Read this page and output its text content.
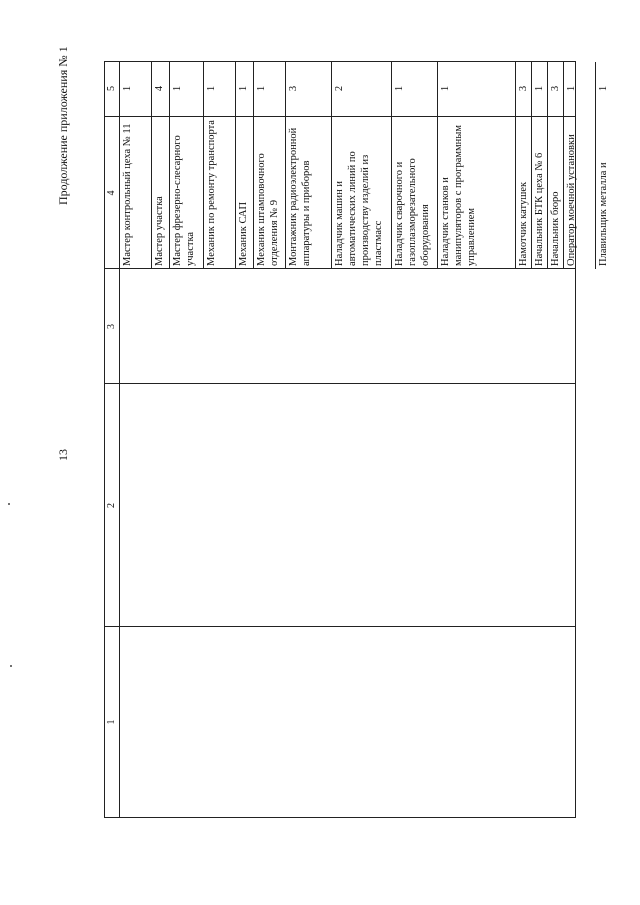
Продолжение приложения № 1
13
1
2
3
4
5
Мастер контрольный цеха № 11
1
Мастер участка
4
Мастер фрезерно-слесарного участка
1
Механик по ремонту транспорта
1
Механик САП
1
Механик штамповочного отделения № 9
1
Монтажник радиоэлектронной аппаратуры и приборов
3
Наладчик машин и автоматических линий по производству изделий из пластмасс
2
Наладчик сварочного и газоплазморезательного оборудования
1
Наладчик станков и манипуляторов с программным управлением
1
Намотчик катушек
3
Начальник БТК цеха № 6
1
Начальник бюро
3
Оператор моечной установки
1
Плавильщик металла и
1
